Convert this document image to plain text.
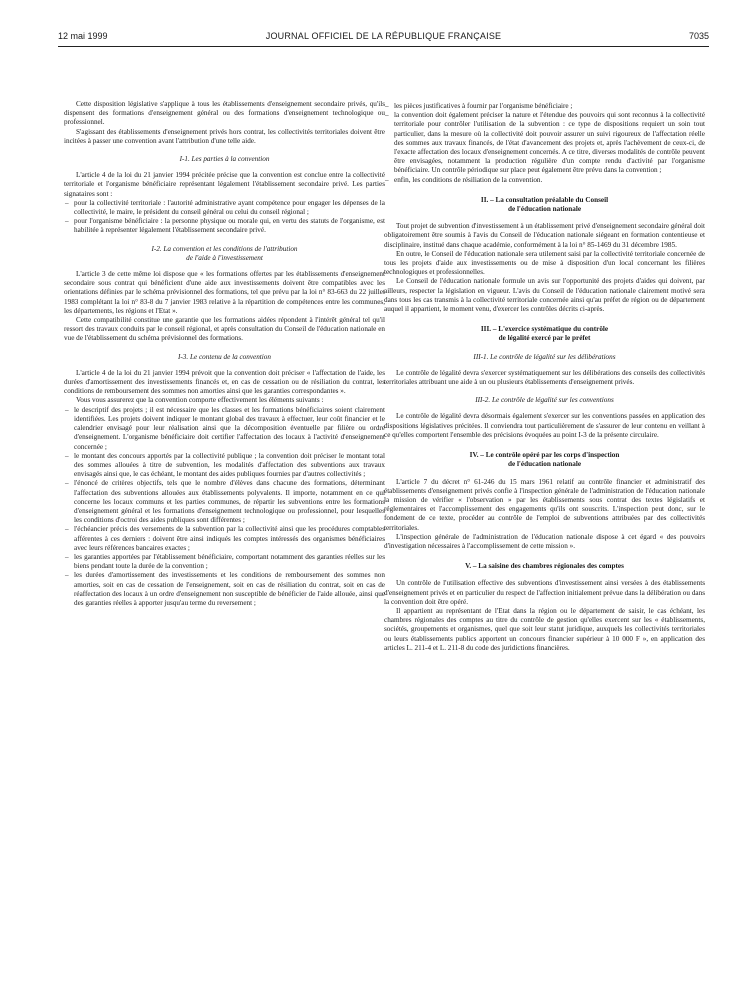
12 mai 1999	JOURNAL OFFICIEL DE LA RÉPUBLIQUE FRANÇAISE	7035

Cette disposition législative s'applique à tous les établissements d'enseignement secondaire privés, qu'ils dispensent des formations d'enseignement général ou des formations d'enseignement technologique ou professionnel.

S'agissant des établissements d'enseignement privés hors contrat, les collectivités territoriales doivent être incitées à passer une convention avant l'attribution d'une telle aide.

I-1. Les parties à la convention

L'article 4 de la loi du 21 janvier 1994 précitée précise que la convention est conclue entre la collectivité territoriale et l'organisme bénéficiaire représentant légalement l'établissement secondaire privé. Les parties signataires sont :

– pour la collectivité territoriale : l'autorité administrative ayant compétence pour engager les dépenses de la collectivité, le maire, le président du conseil général ou celui du conseil régional ;
– pour l'organisme bénéficiaire : la personne physique ou morale qui, en vertu des statuts de l'organisme, est habilitée à représenter légalement l'établissement secondaire privé.
I-2. La convention et les conditions de l'attribution
de l'aide à l'investissement

L'article 3 de cette même loi dispose que « les formations offertes par les établissements d'enseignement secondaire sous contrat qui bénéficient d'une aide aux investissements doivent être compatibles avec les orientations définies par le schéma prévisionnel des formations, tel que prévu par la loi n° 83-663 du 22 juillet 1983 complétant la loi n° 83-8 du 7 janvier 1983 relative à la répartition de compétences entre les communes, les départements, les régions et l'Etat ».

Cette compatibilité constitue une garantie que les formations aidées répondent à l'intérêt général tel qu'il ressort des travaux conduits par le conseil régional, et après consultation du Conseil de l'éducation nationale en vue de l'établissement du schéma prévisionnel des formations.

I-3. Le contenu de la convention

L'article 4 de la loi du 21 janvier 1994 prévoit que la convention doit préciser « l'affectation de l'aide, les durées d'amortissement des investissements financés et, en cas de cessation ou de résiliation du contrat, les conditions de remboursement des sommes non amorties ainsi que les garanties correspondantes ».

Vous vous assurerez que la convention comporte effectivement les éléments suivants :

– le descriptif des projets ; il est nécessaire que les classes et les formations bénéficiaires soient clairement identifiées. Les projets doivent indiquer le montant global des travaux à effectuer, leur coût financier et le calendrier envisagé pour leur réalisation ainsi que la décomposition éventuelle par filière ou ordre d'enseignement. L'organisme bénéficiaire doit certifier l'affectation des locaux à l'activité d'enseignement concernée ;
– le montant des concours apportés par la collectivité publique ; la convention doit préciser le montant total des sommes allouées à titre de subvention, les modalités d'affectation des subventions aux travaux envisagés ainsi que, le cas échéant, le montant des aides publiques fournies par d'autres collectivités ;
– l'énoncé de critères objectifs, tels que le nombre d'élèves dans chacune des formations, déterminant l'affectation des subventions allouées aux établissements polyvalents. Il importe, notamment en ce qui concerne les locaux communs et les parties communes, de répartir les subventions entre les formations d'enseignement général et les formations d'enseignement technologique ou professionnel, pour lesquelles les conditions d'octroi des aides publiques sont différentes ;
– l'échéancier précis des versements de la subvention par la collectivité ainsi que les procédures comptables afférentes à ces derniers : doivent être ainsi indiqués les comptes intéressés des organismes bénéficiaires avec leurs références bancaires exactes ;
– les garanties apportées par l'établissement bénéficiaire, comportant notamment des garanties réelles sur les biens pendant toute la durée de la convention ;
– les durées d'amortissement des investissements et les conditions de remboursement des sommes non amorties, soit en cas de cessation de l'enseignement, soit en cas de résiliation du contrat, soit en cas de réaffectation des locaux à un ordre d'enseignement non susceptible de bénéficier de l'aide allouée, ainsi que des garanties réelles à apporter jusqu'au terme du reversement ;
– les pièces justificatives à fournir par l'organisme bénéficiaire ;
– la convention doit également préciser la nature et l'étendue des pouvoirs qui sont reconnus à la collectivité territoriale pour contrôler l'utilisation de la subvention : ce type de dispositions requiert un soin tout particulier, dans la mesure où la collectivité doit pouvoir assurer un suivi rigoureux de l'affectation réelle des sommes aux travaux financés, de l'état d'avancement des projets et, après l'achèvement de ceux-ci, de l'exacte affectation des locaux d'enseignement concernés. A ce titre, diverses modalités de contrôle peuvent être envisagées, notamment la production régulière d'un compte rendu d'activité par l'organisme bénéficiaire. Un contrôle périodique sur place peut également être prévu dans la convention ;
– enfin, les conditions de résiliation de la convention.
II. – La consultation préalable du Conseil
de l'éducation nationale

Tout projet de subvention d'investissement à un établissement privé d'enseignement secondaire général doit obligatoirement être soumis à l'avis du Conseil de l'éducation nationale siégeant en formation contentieuse et disciplinaire, institué dans chaque académie, conformément à la loi n° 85-1469 du 31 décembre 1985.

En outre, le Conseil de l'éducation nationale sera utilement saisi par la collectivité territoriale concernée de tous les projets d'aide aux investissements ou de mise à disposition d'un local concernant les filières technologiques et professionnelles.

Le Conseil de l'éducation nationale formule un avis sur l'opportunité des projets d'aides qui doivent, par ailleurs, respecter la législation en vigueur. L'avis du Conseil de l'éducation nationale clairement motivé sera dans tous les cas transmis à la collectivité territoriale concernée ainsi qu'au préfet de région ou de département auquel il appartient, le moment venu, d'exercer les contrôles décrits ci-après.

III. – L'exercice systématique du contrôle
de légalité exercé par le préfet
III-1. Le contrôle de légalité sur les délibérations

Le contrôle de légalité devra s'exercer systématiquement sur les délibérations des conseils des collectivités territoriales attribuant une aide à un ou plusieurs établissements d'enseignement privés.

III-2. Le contrôle de légalité sur les conventions

Le contrôle de légalité devra désormais également s'exercer sur les conventions passées en application des dispositions législatives précitées. Il conviendra tout particulièrement de s'assurer de leur contenu en veillant à ce qu'elles comportent l'ensemble des précisions évoquées au point I-3 de la présente circulaire.

IV. – Le contrôle opéré par les corps d'inspection
de l'éducation nationale

L'article 7 du décret n° 61-246 du 15 mars 1961 relatif au contrôle financier et administratif des établissements d'enseignement privés confie à l'inspection générale de l'administration de l'éducation nationale la mission de vérifier « l'observation » par les établissements sous contrat des textes législatifs et réglementaires et l'accomplissement des engagements qu'ils ont souscrits. L'inspection peut donc, sur le fondement de ce texte, procéder au contrôle de l'emploi de subventions attribuées par des collectivités territoriales.

L'inspection générale de l'administration de l'éducation nationale dispose à cet égard « des pouvoirs d'investigation nécessaires à l'accomplissement de cette mission ».

V. – La saisine des chambres régionales des comptes

Un contrôle de l'utilisation effective des subventions d'investissement ainsi versées à des établissements d'enseignement privés et en particulier du respect de l'affection initialement prévue dans la délibération ou dans la convention doit être opéré.

Il appartient au représentant de l'Etat dans la région ou le département de saisir, le cas échéant, les chambres régionales des comptes au titre du contrôle de gestion qu'elles exercent sur les « établissements, sociétés, groupements et organismes, quel que soit leur statut juridique, auxquels les collectivités territoriales ou leurs établissements publics apportent un concours financier supérieur à 10 000 F », en application des articles L. 211-4 et L. 211-8 du code des juridictions financières.
